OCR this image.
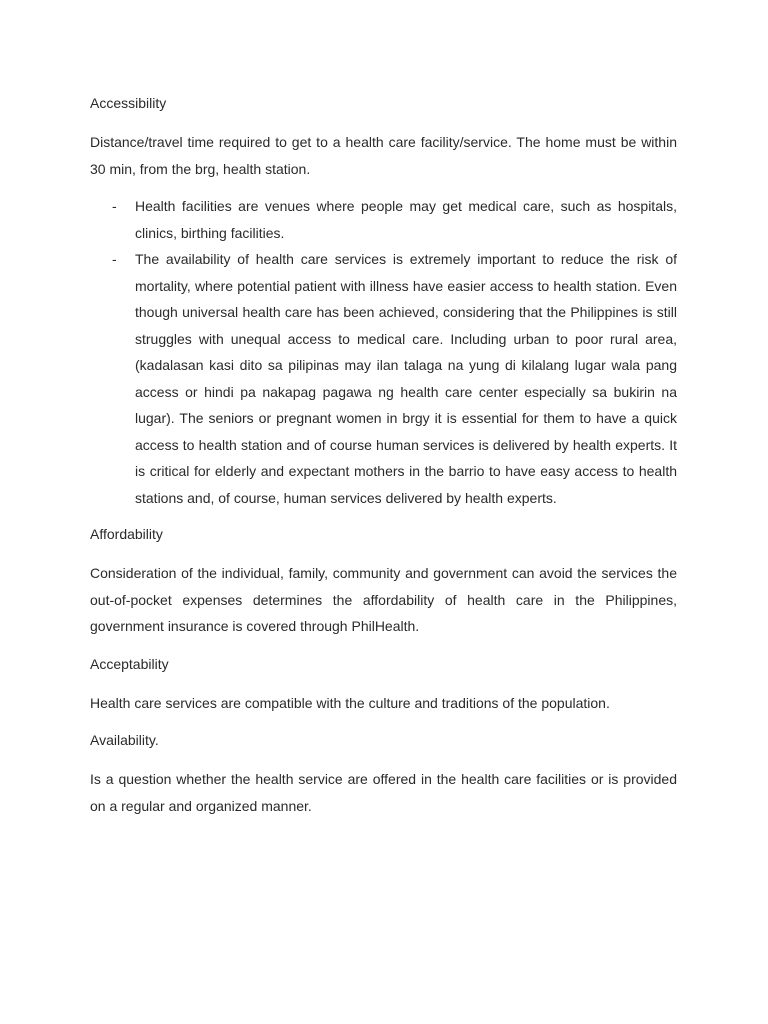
Accessibility

Distance/travel time required to get to a health care facility/service. The home must be within 30 min, from the brg, health station.

- Health facilities are venues where people may get medical care, such as hospitals, clinics, birthing facilities.
- The availability of health care services is extremely important to reduce the risk of mortality, where potential patient with illness have easier access to health station. Even though universal health care has been achieved, considering that the Philippines is still struggles with unequal access to medical care. Including urban to poor rural area,(kadalasan kasi dito sa pilipinas may ilan talaga na yung di kilalang lugar wala pang access or hindi pa nakapag pagawa ng health care center especially sa bukirin na lugar). The seniors or pregnant women in brgy it is essential for them to have a quick access to health station and of course human services is delivered by health experts. It is critical for elderly and expectant mothers in the barrio to have easy access to health stations and, of course, human services delivered by health experts.
Affordability

Consideration of the individual, family, community and government can avoid the services the out-of-pocket expenses determines the affordability of health care in the Philippines, government insurance is covered through PhilHealth.

Acceptability

Health care services are compatible with the culture and traditions of the population.

Availability.

Is a question whether the health service are offered in the health care facilities or is provided on a regular and organized manner.
